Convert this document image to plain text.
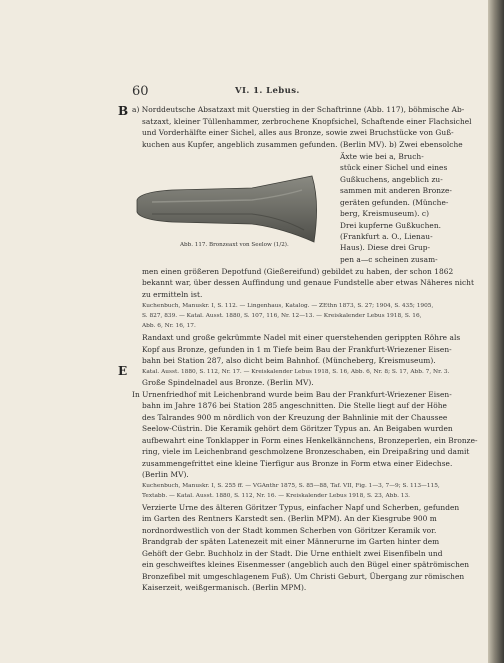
60	VI. 1. Lebus.
B
E
a) Norddeutsche Absatzaxt mit Querstieg in der Schaftrinne (Abb. 117), böhmische Ab-
satzaxt, kleiner Tüllenhammer, zerbrochene Knopfsichel, Schaftende einer Flachsichel
und Vorderhälfte einer Sichel, alles aus Bronze, sowie zwei Bruchstücke von Guß-
kuchen aus Kupfer, angeblich zusammen gefunden. (Berlin MV). b) Zwei ebensolche
Abb. 117. Bronzeaxt von Seelow (1/2).
Äxte wie bei a, Bruch-
stück einer Sichel und eines
Gußkuchens, angeblich zu-
sammen mit anderen Bronze-
geräten gefunden. (Münche-
berg, Kreismuseum). c)
Drei kupferne Gußkuchen.
(Frankfurt a. O., Lienau-
Haus). Diese drei Grup-
pen a—c scheinen zusam-
men einen größeren Depotfund (Gießereifund) gebildet zu haben, der schon 1862
bekannt war, über dessen Auffindung und genaue Fundstelle aber etwas Näheres nicht
zu ermitteln ist.
Kuchenbuch, Manuskr. I, S. 112. — Lingenhaus, Katalog. — ZEthn 1873, S. 27; 1904, S. 435; 1905,
S. 827, 839. — Katal. Ausst. 1880, S. 107, 116, Nr. 12—13. — Kreiskalender Lebus 1918, S. 16,
Abb. 6, Nr. 16, 17.
Randaxt und große gekrümmte Nadel mit einer querstehenden gerippten Röhre als
Kopf aus Bronze, gefunden in 1 m Tiefe beim Bau der Frankfurt-Wriezener Eisen-
bahn bei Station 287, also dicht beim Bahnhof. (Müncheberg, Kreismuseum).
Katal. Ausst. 1880, S. 112, Nr. 17. — Kreiskalender Lebus 1918, S. 16, Abb. 6, Nr. 8; S. 17, Abb. 7, Nr. 3.
Große Spindelnadel aus Bronze. (Berlin MV).
In Urnenfriedhof mit Leichenbrand wurde beim Bau der Frankfurt-Wriezener Eisen-
bahn im Jahre 1876 bei Station 285 angeschnitten. Die Stelle liegt auf der Höhe
des Talrandes 900 m nördlich von der Kreuzung der Bahnlinie mit der Chaussee
Seelow-Cüstrin. Die Keramik gehört dem Göritzer Typus an. An Beigaben wurden
aufbewahrt eine Tonklapper in Form eines Henkelkännchens, Bronzeperlen, ein Bronze-
ring, viele im Leichenbrand geschmolzene Bronzeschaben, ein Dreipaßring und damit
zusammengefrittet eine kleine Tierfigur aus Bronze in Form etwa einer Eidechse.
(Berlin MV).
Kuchenbuch, Manuskr. I, S. 255 ff. — VGAnthr 1875, S. 85—88, Taf. VII, Fig. 1—3, 7—9; S. 113—115,
Textabb. — Katal. Ausst. 1880, S. 112, Nr. 16. — Kreiskalender Lebus 1918, S. 23, Abb. 13.
Verzierte Urne des älteren Göritzer Typus, einfacher Napf und Scherben, gefunden
im Garten des Rentners Karstedt sen. (Berlin MPM). An der Kiesgrube 900 m
nordnordwestlich von der Stadt kommen Scherben von Göritzer Keramik vor.
Brandgrab der späten Latenezeit mit einer Männerurne im Garten hinter dem
Gehöft der Gebr. Buchholz in der Stadt. Die Urne enthielt zwei Eisenfibeln und
ein geschweiftes kleines Eisenmesser (angeblich auch den Bügel einer spätrömischen
Bronzefibel mit umgeschlagenem Fuß). Um Christi Geburt, Übergang zur römischen
Kaiserzeit, weißgermanisch. (Berlin MPM).
